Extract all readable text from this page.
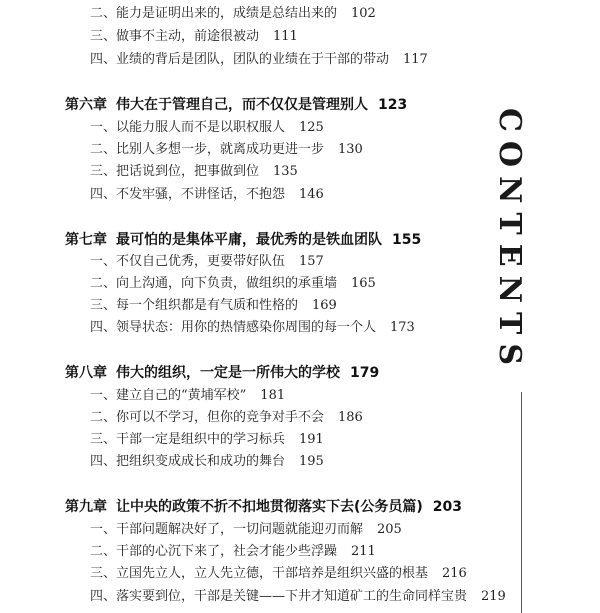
二、能力是证明出来的，成绩是总结出来的 102
三、做事不主动，前途很被动 111
四、业绩的背后是团队，团队的业绩在于干部的带动 117
第六章 伟大在于管理自己，而不仅仅是管理别人 123
一、以能力服人而不是以职权服人 125
二、比别人多想一步，就离成功更进一步 130
三、把话说到位，把事做到位 135
四、不发牢骚，不讲怪话，不抱怨 146
第七章 最可怕的是集体平庸，最优秀的是铁血团队 155
一、不仅自己优秀，更要带好队伍 157
二、向上沟通，向下负责，做组织的承重墙 165
三、每一个组织都是有气质和性格的 169
四、领导状态：用你的热情感染你周围的每一个人 173
第八章 伟大的组织，一定是一所伟大的学校 179
一、建立自己的“黄埔军校” 181
二、你可以不学习，但你的竞争对手不会 186
三、干部一定是组织中的学习标兵 191
四、把组织变成成长和成功的舞台 195
第九章 让中央的政策不折不扣地贯彻落实下去(公务员篇) 203
一、干部问题解决好了，一切问题就能迎刃而解 205
二、干部的心沉下来了，社会才能少些浮躁 211
三、立国先立人，立人先立德，干部培养是组织兴盛的根基 216
四、落实要到位，干部是关键——下井才知道矿工的生命同样宝贵 219
CONTENTS
